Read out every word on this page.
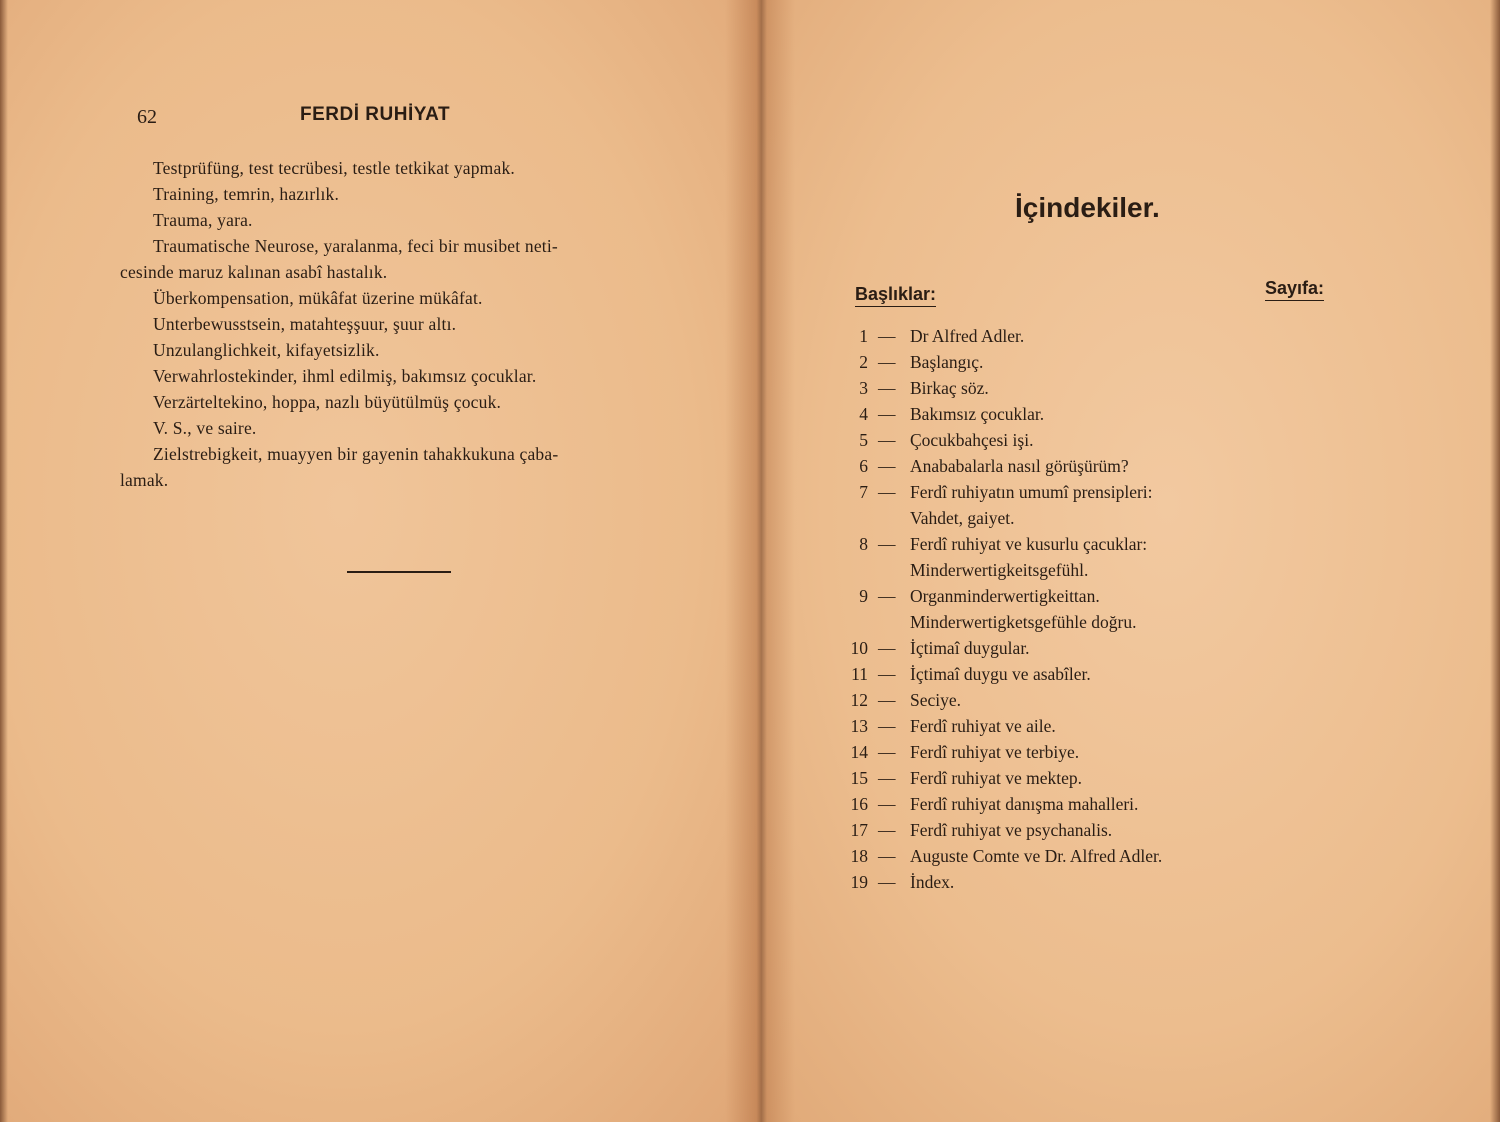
62	FERDİ RUHİYAT
Testprüfüng, test tecrübesi, testle tetkikat yapmak.
Training, temrin, hazırlık.
Trauma, yara.
Traumatische Neurose, yaralanma, feci bir musibet neti-
cesinde maruz kalınan asabî hastalık.
Überkompensation, mükâfat üzerine mükâfat.
Unterbewusstsein, matahteşşuur, şuur altı.
Unzulanglichkeit, kifayetsizlik.
Verwahrlostekinder, ihml edilmiş, bakımsız çocuklar.
Verzärteltekino, hoppa, nazlı büyütülmüş çocuk.
V. S., ve saire.
Zielstrebigkeit, muayyen bir gayenin tahakkukuna çaba-
lamak.
İçindekiler.
Başlıklar:	Sayıfa:
1 — Dr Alfred Adler.
2 — Başlangıç.
3 — Birkaç söz.
4 — Bakımsız çocuklar.
5 — Çocukbahçesi işi.
6 — Anababalarla nasıl görüşürüm?
7 — Ferdî ruhiyatın umumî prensipleri:
Vahdet, gaiyet.
8 — Ferdî ruhiyat ve kusurlu çacuklar:
Minderwertigkeitsgefühl.
9 — Organminderwertigkeittan.
Minderwertigketsgefühle doğru.
10 — İçtimaî duygular.
11 — İçtimaî duygu ve asabîler.
12 — Seciye.
13 — Ferdî ruhiyat ve aile.
14 — Ferdî ruhiyat ve terbiye.
15 — Ferdî ruhiyat ve mektep.
16 — Ferdî ruhiyat danışma mahalleri.
17 — Ferdî ruhiyat ve psychanalis.
18 — Auguste Comte ve Dr. Alfred Adler.
19 — İndex.
